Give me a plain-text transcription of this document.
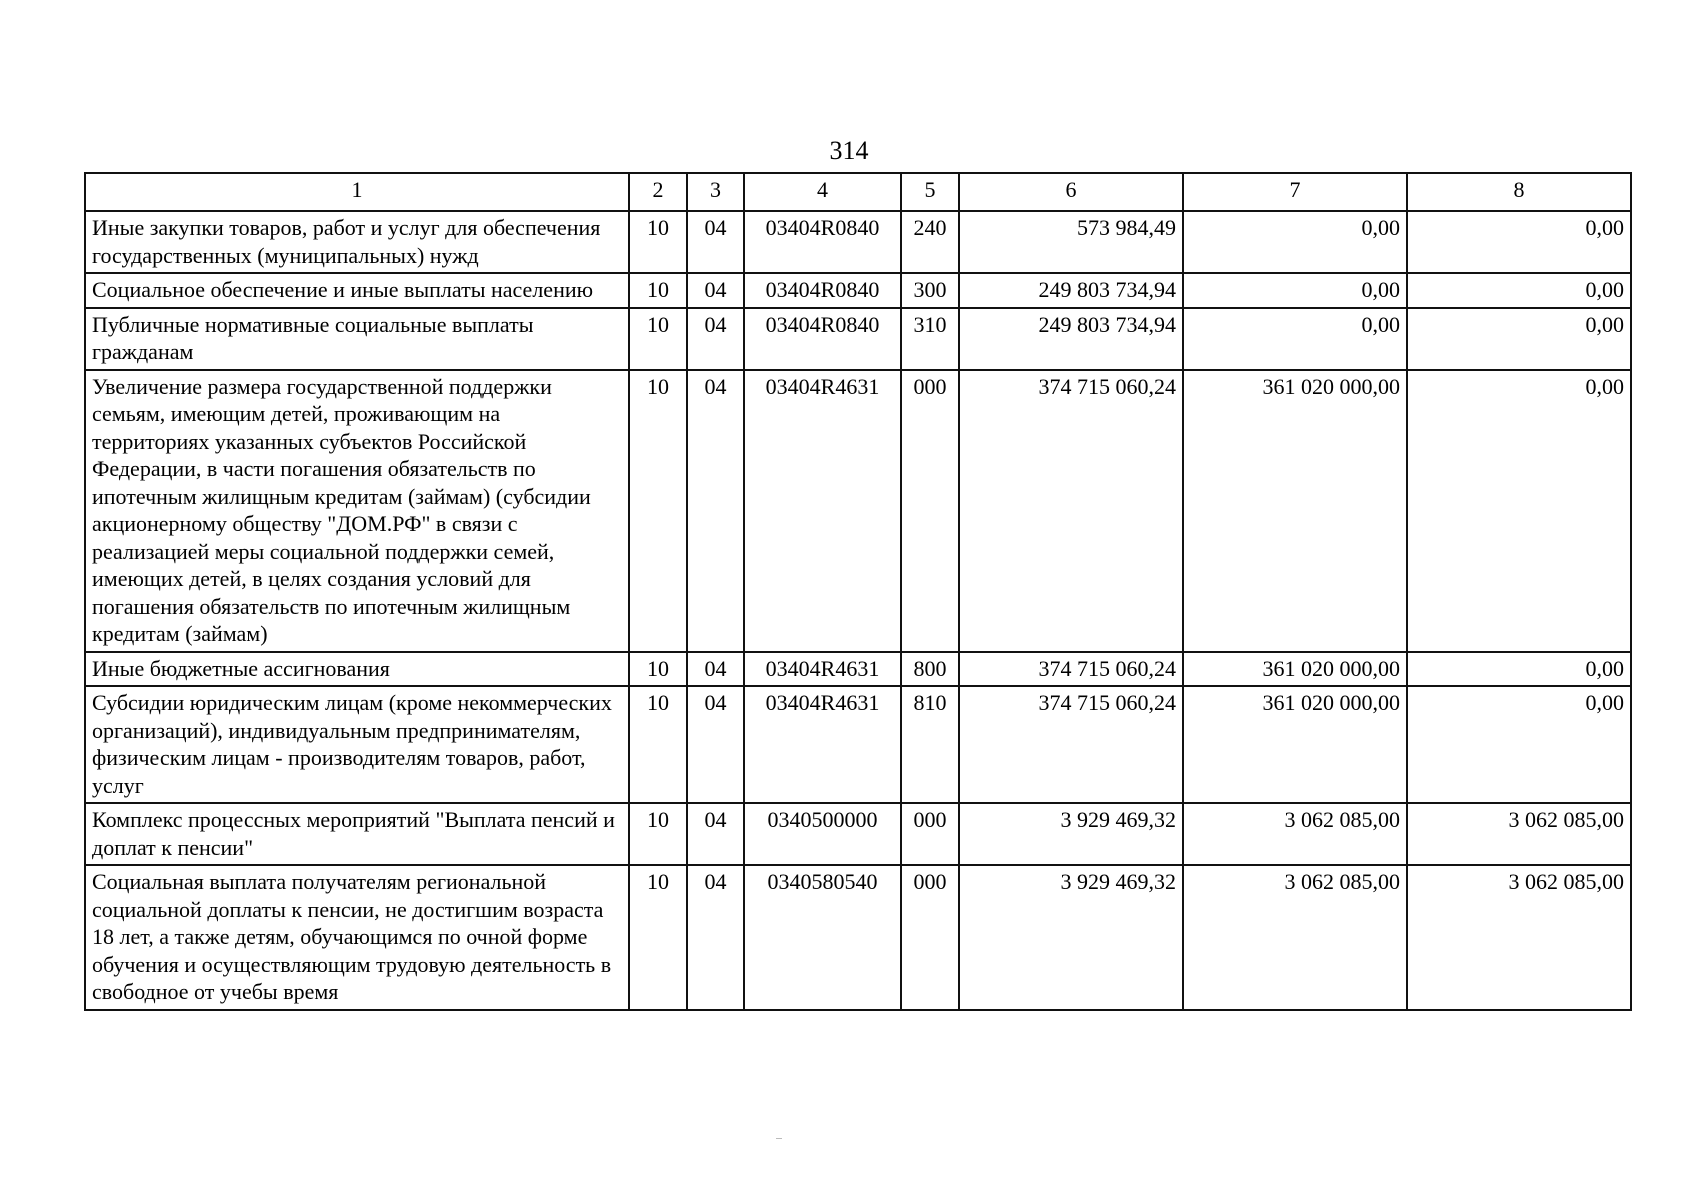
314
1	2	3	4	5	6	7	8
Иные закупки товаров, работ и услуг для обеспечения государственных (муниципальных) нужд	10	04	03404R0840	240	573 984,49	0,00	0,00
Социальное обеспечение и иные выплаты населению	10	04	03404R0840	300	249 803 734,94	0,00	0,00
Публичные нормативные социальные выплаты гражданам	10	04	03404R0840	310	249 803 734,94	0,00	0,00
Увеличение размера государственной поддержки семьям, имеющим детей, проживающим на территориях указанных субъектов Российской Федерации, в части погашения обязательств по ипотечным жилищным кредитам (займам) (субсидии акционерному обществу "ДОМ.РФ" в связи с реализацией меры социальной поддержки семей, имеющих детей, в целях создания условий для погашения обязательств по ипотечным жилищным кредитам (займам)	10	04	03404R4631	000	374 715 060,24	361 020 000,00	0,00
Иные бюджетные ассигнования	10	04	03404R4631	800	374 715 060,24	361 020 000,00	0,00
Субсидии юридическим лицам (кроме некоммерческих организаций), индивидуальным предпринимателям, физическим лицам - производителям товаров, работ, услуг	10	04	03404R4631	810	374 715 060,24	361 020 000,00	0,00
Комплекс процессных мероприятий "Выплата пенсий и доплат к пенсии"	10	04	0340500000	000	3 929 469,32	3 062 085,00	3 062 085,00
Социальная выплата получателям региональной социальной доплаты к пенсии, не достигшим возраста 18 лет, а также детям, обучающимся по очной форме обучения и осуществляющим трудовую деятельность в свободное от учебы время	10	04	0340580540	000	3 929 469,32	3 062 085,00	3 062 085,00
